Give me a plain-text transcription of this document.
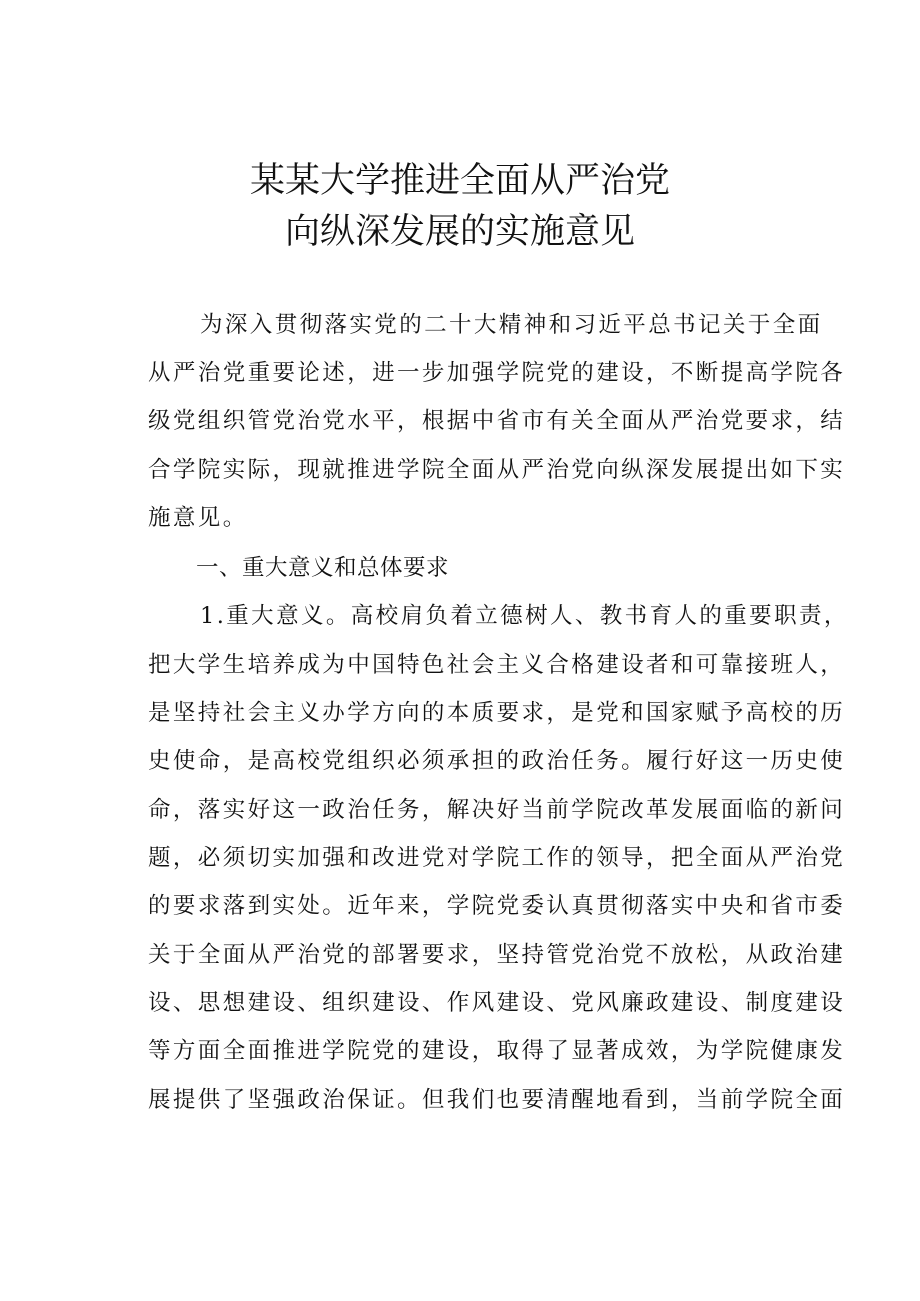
某某大学推进全面从严治党
向纵深发展的实施意见

为深入贯彻落实党的二十大精神和习近平总书记关于全面

从严治党重要论述，进一步加强学院党的建设，不断提高学院各

级党组织管党治党水平，根据中省市有关全面从严治党要求，结

合学院实际，现就推进学院全面从严治党向纵深发展提出如下实

施意见。

一、重大意义和总体要求

1.重大意义。高校肩负着立德树人、教书育人的重要职责，

把大学生培养成为中国特色社会主义合格建设者和可靠接班人，

是坚持社会主义办学方向的本质要求，是党和国家赋予高校的历

史使命，是高校党组织必须承担的政治任务。履行好这一历史使

命，落实好这一政治任务，解决好当前学院改革发展面临的新问

题，必须切实加强和改进党对学院工作的领导，把全面从严治党

的要求落到实处。近年来，学院党委认真贯彻落实中央和省市委

关于全面从严治党的部署要求，坚持管党治党不放松，从政治建

设、思想建设、组织建设、作风建设、党风廉政建设、制度建设

等方面全面推进学院党的建设，取得了显著成效，为学院健康发

展提供了坚强政治保证。但我们也要清醒地看到，当前学院全面
